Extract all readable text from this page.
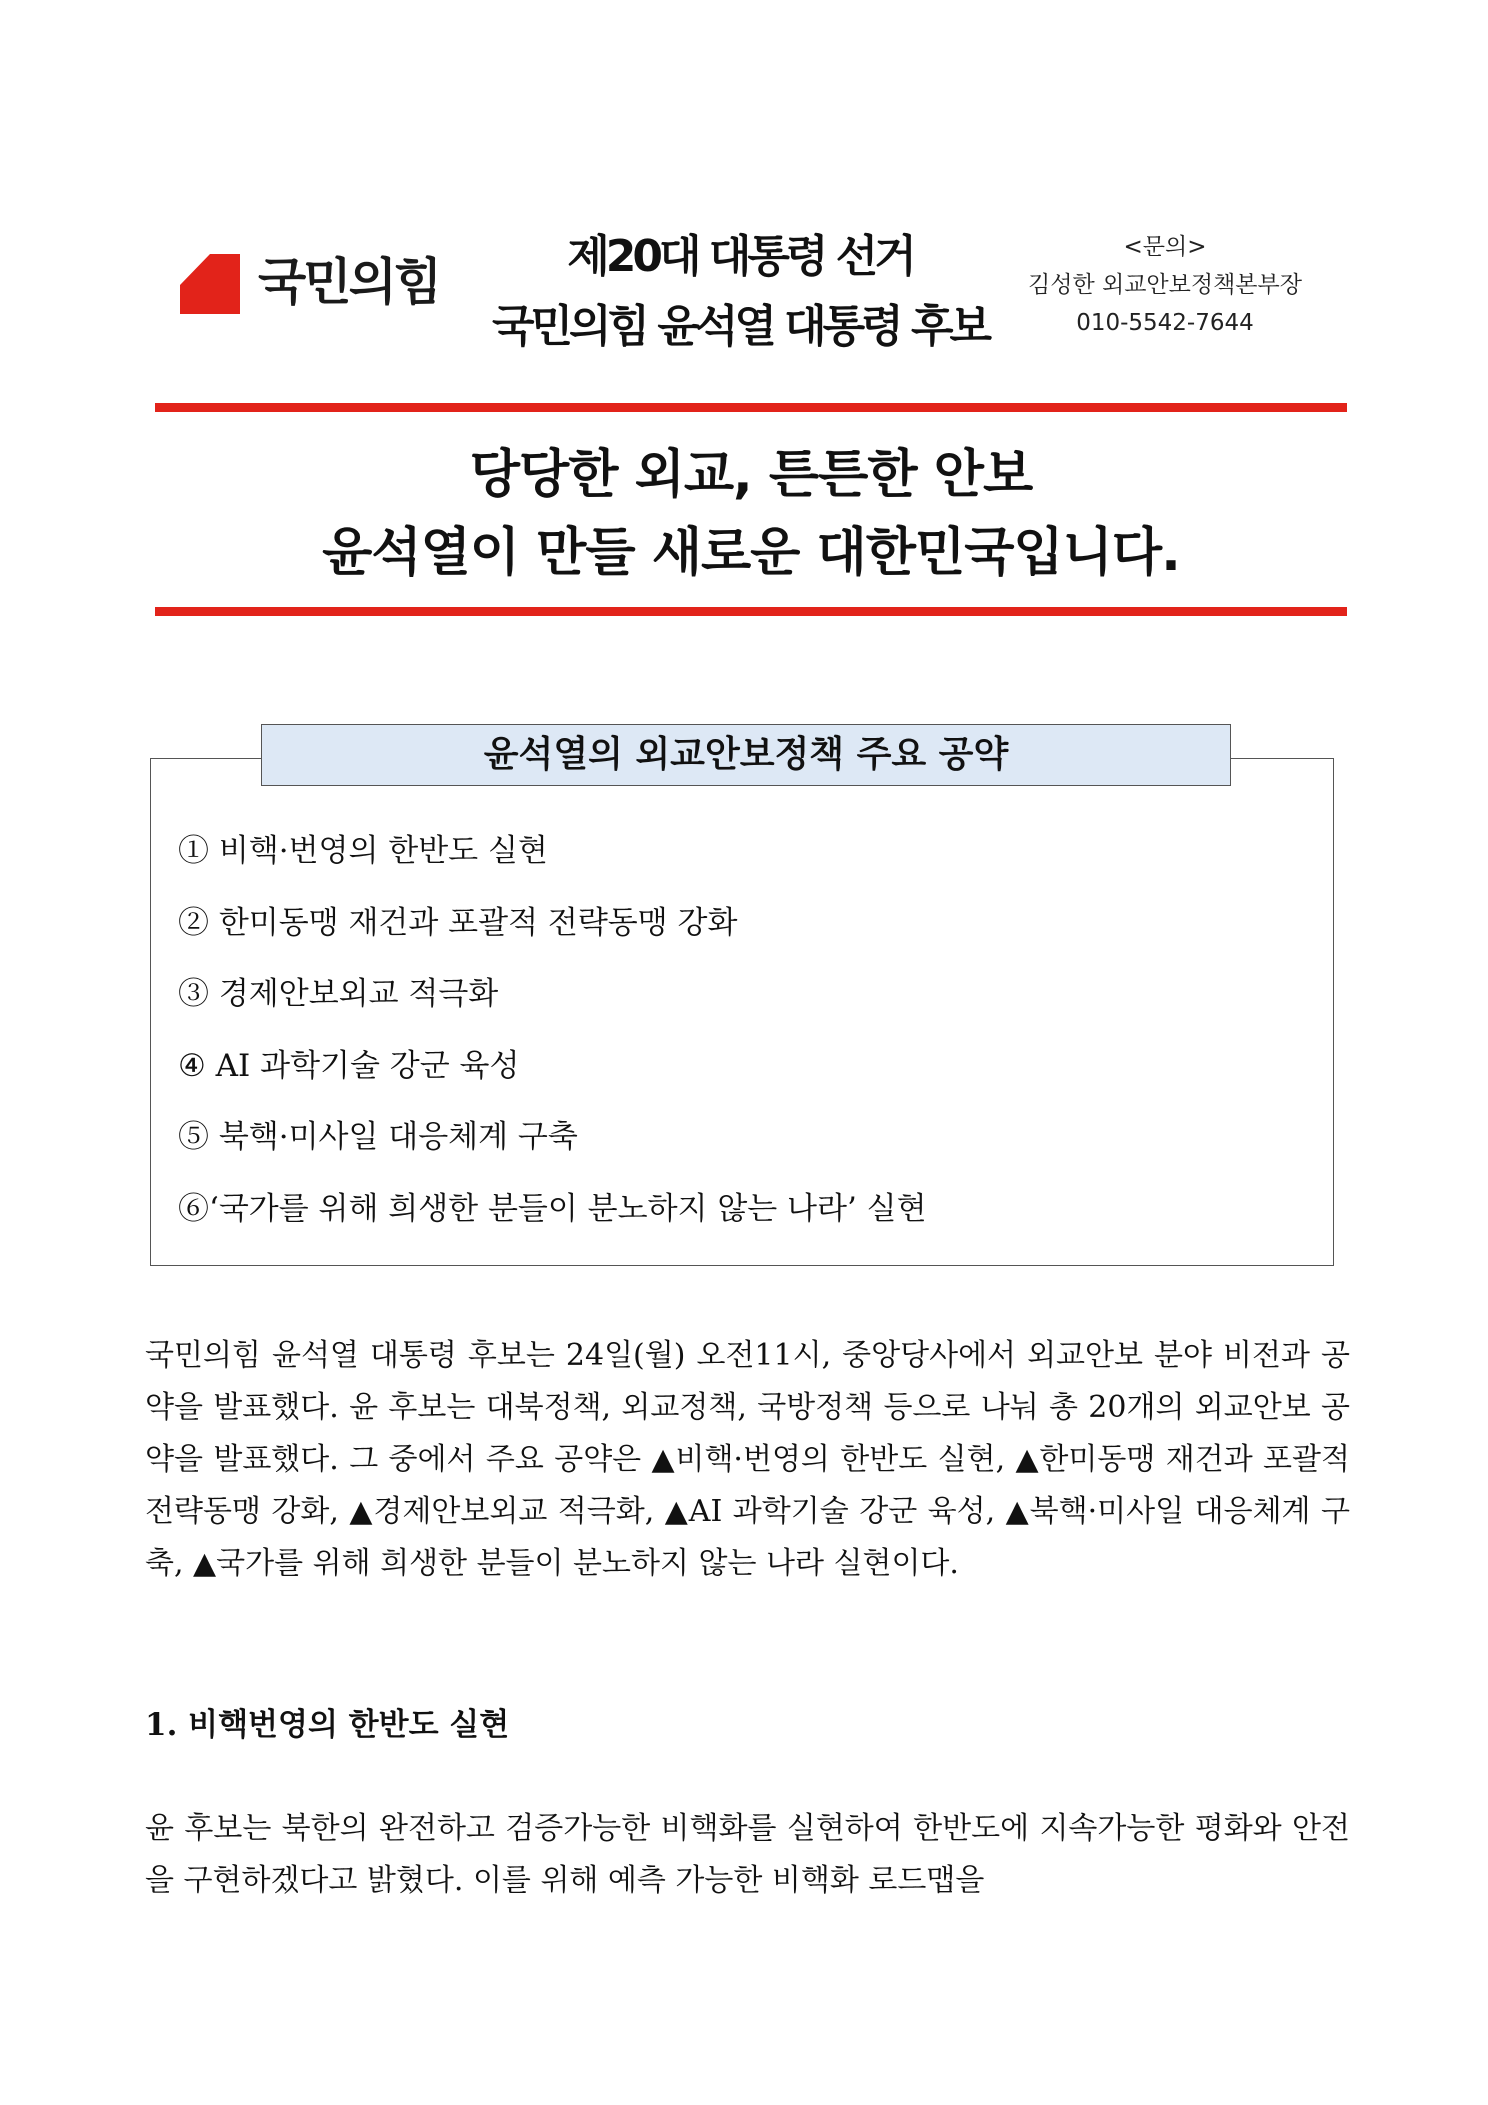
국민의힘	제20대 대통령 선거
국민의힘 윤석열 대통령 후보
<문의>
김성한 외교안보정책본부장
010-5542-7644
당당한 외교, 튼튼한 안보
윤석열이 만들 새로운 대한민국입니다.
윤석열의 외교안보정책 주요 공약
① 비핵·번영의 한반도 실현
② 한미동맹 재건과 포괄적 전략동맹 강화
③ 경제안보외교 적극화
④ AI 과학기술 강군 육성
⑤ 북핵·미사일 대응체계 구축
⑥‘국가를 위해 희생한 분들이 분노하지 않는 나라’ 실현

국민의힘 윤석열 대통령 후보는 24일(월) 오전11시, 중앙당사에서 외교안보 분야 비전과 공약을 발표했다. 윤 후보는 대북정책, 외교정책, 국방정책 등으로 나눠 총 20개의 외교안보 공약을 발표했다. 그 중에서 주요 공약은 ▲비핵·번영의 한반도 실현, ▲한미동맹 재건과 포괄적 전략동맹 강화, ▲경제안보외교 적극화, ▲AI 과학기술 강군 육성, ▲북핵·미사일 대응체계 구축, ▲국가를 위해 희생한 분들이 분노하지 않는 나라 실현이다.

1. 비핵번영의 한반도 실현

윤 후보는 북한의 완전하고 검증가능한 비핵화를 실현하여 한반도에 지속가능한 평화와 안전을 구현하겠다고 밝혔다. 이를 위해 예측 가능한 비핵화 로드맵을
